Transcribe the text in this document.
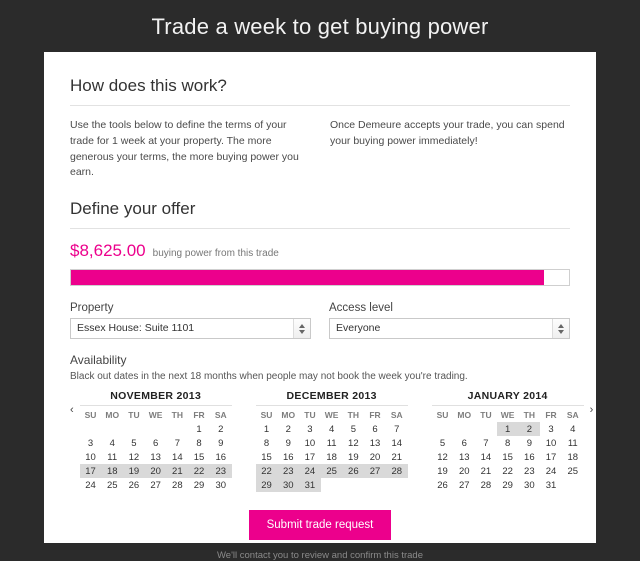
Trade a week to get buying power
How does this work?

Use the tools below to define the terms of your trade for 1 week at your property. The more generous your terms, the more buying power you earn.

Once Demeure accepts your trade, you can spend your buying power immediately!

Define your offer
$8,625.00 buying power from this trade
Property
Essex House: Suite 1101
Access level
Everyone
Availability

Black out dates in the next 18 months when people may not book the week you're trading.

‹
NOVEMBER 2013
SU	MO	TU	WE	TH	FR	SA
					1	2
3	4	5	6	7	8	9
10	11	12	13	14	15	16
17	18	19	20	21	22	23
24	25	26	27	28	29	30
DECEMBER 2013
SU	MO	TU	WE	TH	FR	SA
1	2	3	4	5	6	7
8	9	10	11	12	13	14
15	16	17	18	19	20	21
22	23	24	25	26	27	28
29	30	31				
JANUARY 2014
SU	MO	TU	WE	TH	FR	SA
			1	2	3	4
5	6	7	8	9	10	11
12	13	14	15	16	17	18
19	20	21	22	23	24	25
26	27	28	29	30	31	
›
Submit trade request
We'll contact you to review and confirm this trade
